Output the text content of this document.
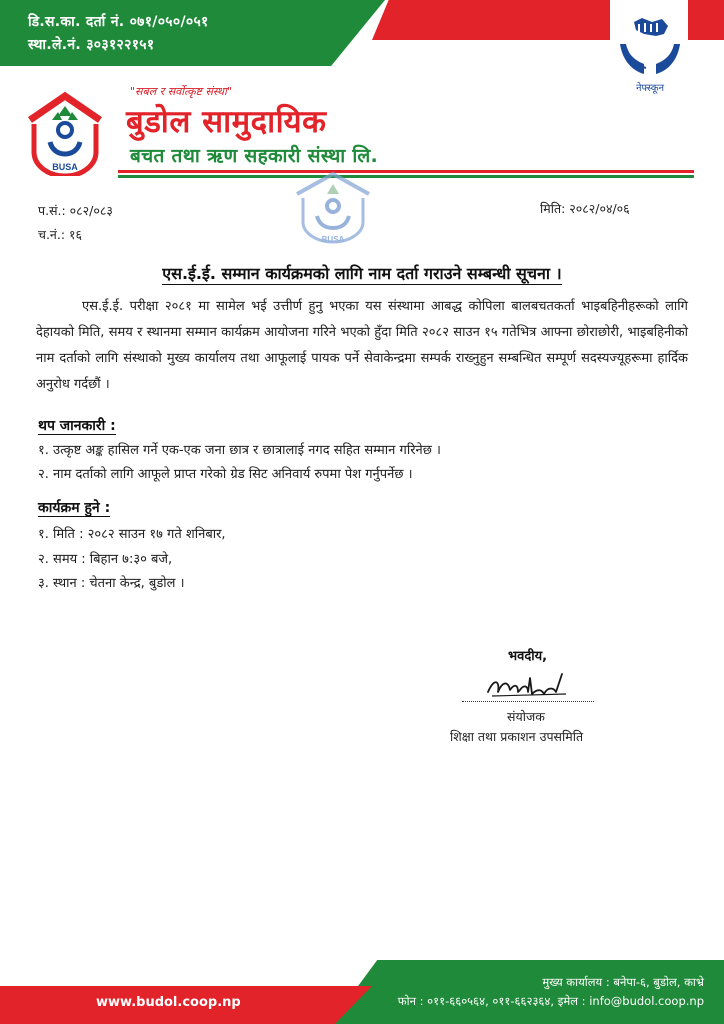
डि.स.का. दर्ता नं. ०७१/०५०/०५१
स्था.ले.नं. ३०३१२२१५१
नेफ्स्कून
BUSA
"सबल र सर्वोत्कृष्ट संस्था"
बुडोल सामुदायिक
बचत तथा ऋण सहकारी संस्था लि.
BUSA
प.सं.: ०८२/०८३
च.नं.: १६
मिति: २०८२/०४/०६
एस.ई.ई. सम्मान कार्यक्रमको लागि नाम दर्ता गराउने सम्बन्धी सूचना ।
एस.ई.ई. परीक्षा २०८१ मा सामेल भई उत्तीर्ण हुनु भएका यस संस्थामा आबद्ध कोपिला बालबचतकर्ता भाइबहिनीहरूको लागि देहायको मिति, समय र स्थानमा सम्मान कार्यक्रम आयोजना गरिने भएको हुँदा मिति २०८२ साउन १५ गतेभित्र आफ्ना छोराछोरी, भाइबहिनीको नाम दर्ताको लागि संस्थाको मुख्य कार्यालय तथा आफूलाई पायक पर्ने सेवाकेन्द्रमा सम्पर्क राख्नुहुन सम्बन्धित सम्पूर्ण सदस्यज्यूहरूमा हार्दिक अनुरोध गर्दछौं ।
थप जानकारी :
१. उत्कृष्ट अङ्क हासिल गर्ने एक-एक जना छात्र र छात्रालाई नगद सहित सम्मान गरिनेछ ।
२. नाम दर्ताको लागि आफूले प्राप्त गरेको ग्रेड सिट अनिवार्य रुपमा पेश गर्नुपर्नेछ ।
कार्यक्रम हुने :
१. मिति : २०८२ साउन १७ गते शनिबार,
२. समय : बिहान ७:३० बजे,
३. स्थान : चेतना केन्द्र, बुडोल ।
भवदीय,
संयोजक
शिक्षा तथा प्रकाशन उपसमिति
www.budol.coop.np
मुख्य कार्यालय : बनेपा-६, बुडोल, काभ्रे
फोन : ०११-६६०५६४, ०११-६६२३६४, इमेल : info@budol.coop.np
